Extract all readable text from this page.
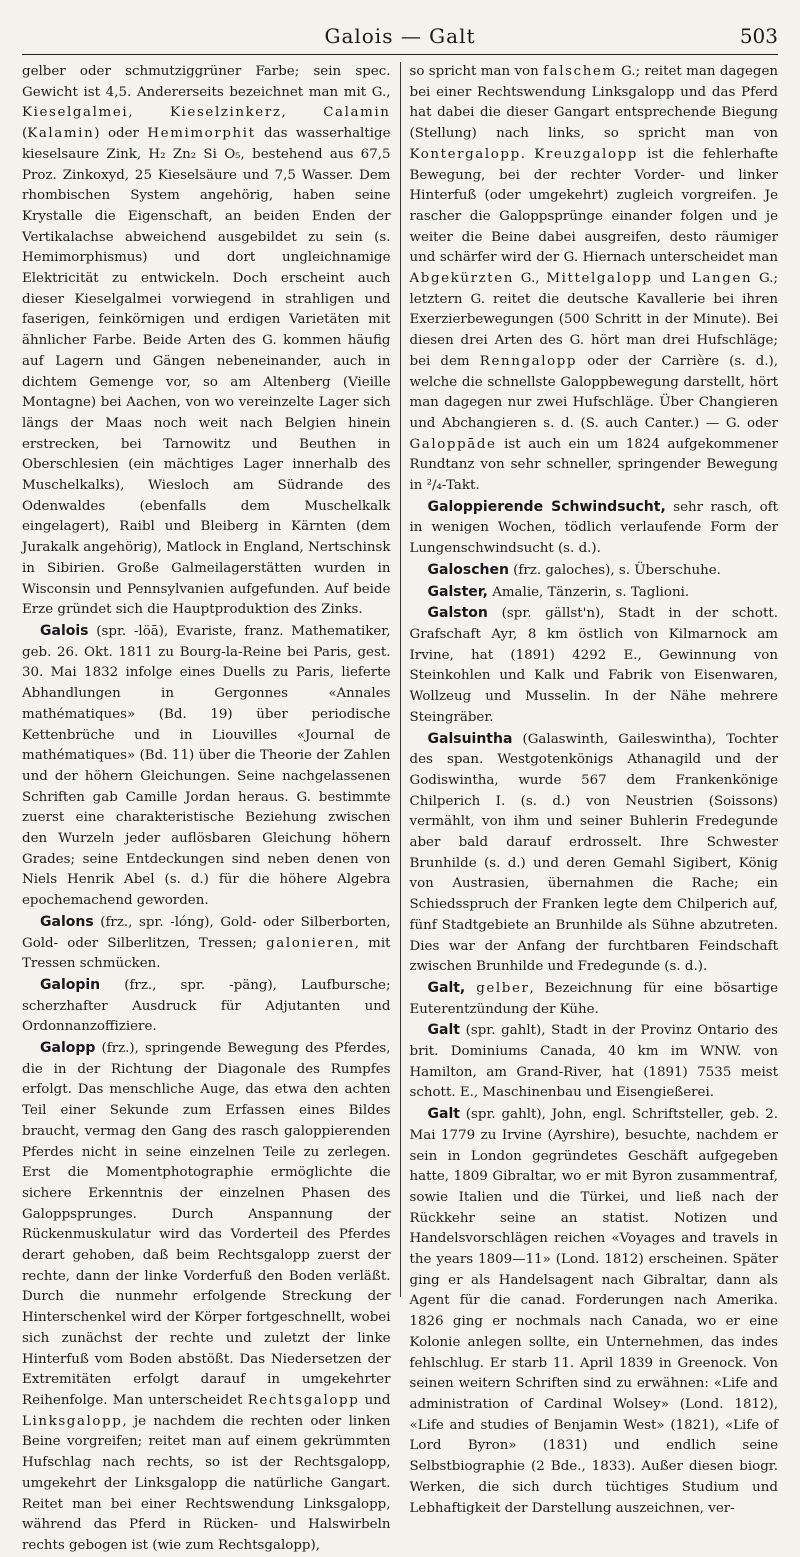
Galois — Galt	503

gelber oder schmutziggrüner Farbe; sein spec. Gewicht ist 4,5. Andererseits bezeichnet man mit G., Kieselgalmei, Kieselzinkerz, Calamin (Kalamin) oder Hemimorphit das wasserhaltige kieselsaure Zink, H₂ Zn₂ Si O₅, bestehend aus 67,5 Proz. Zinkoxyd, 25 Kieselsäure und 7,5 Wasser. Dem rhombischen System angehörig, haben seine Krystalle die Eigenschaft, an beiden Enden der Vertikalachse abweichend ausgebildet zu sein (s. Hemimorphismus) und dort ungleichnamige Elektricität zu entwickeln. Doch erscheint auch dieser Kieselgalmei vorwiegend in strahligen und faserigen, feinkörnigen und erdigen Varietäten mit ähnlicher Farbe. Beide Arten des G. kommen häufig auf Lagern und Gängen nebeneinander, auch in dichtem Gemenge vor, so am Altenberg (Vieille Montagne) bei Aachen, von wo vereinzelte Lager sich längs der Maas noch weit nach Belgien hinein erstrecken, bei Tarnowitz und Beuthen in Oberschlesien (ein mächtiges Lager innerhalb des Muschelkalks), Wiesloch am Südrande des Odenwaldes (ebenfalls dem Muschelkalk eingelagert), Raibl und Bleiberg in Kärnten (dem Jurakalk angehörig), Matlock in England, Nertschinsk in Sibirien. Große Galmeilagerstätten wurden in Wisconsin und Pennsylvanien aufgefunden. Auf beide Erze gründet sich die Hauptproduktion des Zinks.

Galois (spr. -löā), Evariste, franz. Mathematiker, geb. 26. Okt. 1811 zu Bourg-la-Reine bei Paris, gest. 30. Mai 1832 infolge eines Duells zu Paris, lieferte Abhandlungen in Gergonnes «Annales mathématiques» (Bd. 19) über periodische Kettenbrüche und in Liouvilles «Journal de mathématiques» (Bd. 11) über die Theorie der Zahlen und der höhern Gleichungen. Seine nachgelassenen Schriften gab Camille Jordan heraus. G. bestimmte zuerst eine charakteristische Beziehung zwischen den Wurzeln jeder auflösbaren Gleichung höhern Grades; seine Entdeckungen sind neben denen von Niels Henrik Abel (s. d.) für die höhere Algebra epochemachend geworden.

Galons (frz., spr. -lóng), Gold- oder Silberborten, Gold- oder Silberlitzen, Tressen; galonieren, mit Tressen schmücken.

Galopin (frz., spr. -päng), Laufbursche; scherzhafter Ausdruck für Adjutanten und Ordonnanzoffiziere.

Galopp (frz.), springende Bewegung des Pferdes, die in der Richtung der Diagonale des Rumpfes erfolgt. Das menschliche Auge, das etwa den achten Teil einer Sekunde zum Erfassen eines Bildes braucht, vermag den Gang des rasch galoppierenden Pferdes nicht in seine einzelnen Teile zu zerlegen. Erst die Momentphotographie ermöglichte die sichere Erkenntnis der einzelnen Phasen des Galoppsprunges. Durch Anspannung der Rückenmuskulatur wird das Vorderteil des Pferdes derart gehoben, daß beim Rechtsgalopp zuerst der rechte, dann der linke Vorderfuß den Boden verläßt. Durch die nunmehr erfolgende Streckung der Hinterschenkel wird der Körper fortgeschnellt, wobei sich zunächst der rechte und zuletzt der linke Hinterfuß vom Boden abstößt. Das Niedersetzen der Extremitäten erfolgt darauf in umgekehrter Reihenfolge. Man unterscheidet Rechtsgalopp und Linksgalopp, je nachdem die rechten oder linken Beine vorgreifen; reitet man auf einem gekrümmten Hufschlag nach rechts, so ist der Rechtsgalopp, umgekehrt der Linksgalopp die natürliche Gangart. Reitet man bei einer Rechtswendung Linksgalopp, während das Pferd in Rücken- und Halswirbeln rechts gebogen ist (wie zum Rechtsgalopp),

so spricht man von falschem G.; reitet man dagegen bei einer Rechtswendung Linksgalopp und das Pferd hat dabei die dieser Gangart entsprechende Biegung (Stellung) nach links, so spricht man von Kontergalopp. Kreuzgalopp ist die fehlerhafte Bewegung, bei der rechter Vorder- und linker Hinterfuß (oder umgekehrt) zugleich vorgreifen. Je rascher die Galoppsprünge einander folgen und je weiter die Beine dabei ausgreifen, desto räumiger und schärfer wird der G. Hiernach unterscheidet man Abgekürzten G., Mittelgalopp und Langen G.; letztern G. reitet die deutsche Kavallerie bei ihren Exerzierbewegungen (500 Schritt in der Minute). Bei diesen drei Arten des G. hört man drei Hufschläge; bei dem Renngalopp oder der Carrière (s. d.), welche die schnellste Galoppbewegung darstellt, hört man dagegen nur zwei Hufschläge. Über Changieren und Abchangieren s. d. (S. auch Canter.) — G. oder Galoppāde ist auch ein um 1824 aufgekommener Rundtanz von sehr schneller, springender Bewegung in ²/₄-Takt.

Galoppierende Schwindsucht, sehr rasch, oft in wenigen Wochen, tödlich verlaufende Form der Lungenschwindsucht (s. d.).

Galoschen (frz. galoches), s. Überschuhe.

Galster, Amalie, Tänzerin, s. Taglioni.

Galston (spr. gällst'n), Stadt in der schott. Grafschaft Ayr, 8 km östlich von Kilmarnock am Irvine, hat (1891) 4292 E., Gewinnung von Steinkohlen und Kalk und Fabrik von Eisenwaren, Wollzeug und Musselin. In der Nähe mehrere Steingräber.

Galsuintha (Galaswinth, Gaileswintha), Tochter des span. Westgotenkönigs Athanagild und der Godiswintha, wurde 567 dem Frankenkönige Chilperich I. (s. d.) von Neustrien (Soissons) vermählt, von ihm und seiner Buhlerin Fredegunde aber bald darauf erdrosselt. Ihre Schwester Brunhilde (s. d.) und deren Gemahl Sigibert, König von Austrasien, übernahmen die Rache; ein Schiedsspruch der Franken legte dem Chilperich auf, fünf Stadtgebiete an Brunhilde als Sühne abzutreten. Dies war der Anfang der furchtbaren Feindschaft zwischen Brunhilde und Fredegunde (s. d.).

Galt, gelber, Bezeichnung für eine bösartige Euterentzündung der Kühe.

Galt (spr. gahlt), Stadt in der Provinz Ontario des brit. Dominiums Canada, 40 km im WNW. von Hamilton, am Grand-River, hat (1891) 7535 meist schott. E., Maschinenbau und Eisengießerei.

Galt (spr. gahlt), John, engl. Schriftsteller, geb. 2. Mai 1779 zu Irvine (Ayrshire), besuchte, nachdem er sein in London gegründetes Geschäft aufgegeben hatte, 1809 Gibraltar, wo er mit Byron zusammentraf, sowie Italien und die Türkei, und ließ nach der Rückkehr seine an statist. Notizen und Handelsvorschlägen reichen «Voyages and travels in the years 1809—11» (Lond. 1812) erscheinen. Später ging er als Handelsagent nach Gibraltar, dann als Agent für die canad. Forderungen nach Amerika. 1826 ging er nochmals nach Canada, wo er eine Kolonie anlegen sollte, ein Unternehmen, das indes fehlschlug. Er starb 11. April 1839 in Greenock. Von seinen weitern Schriften sind zu erwähnen: «Life and administration of Cardinal Wolsey» (Lond. 1812), «Life and studies of Benjamin West» (1821), «Life of Lord Byron» (1831) und endlich seine Selbstbiographie (2 Bde., 1833). Außer diesen biogr. Werken, die sich durch tüchtiges Studium und Lebhaftigkeit der Darstellung auszeichnen, ver-
